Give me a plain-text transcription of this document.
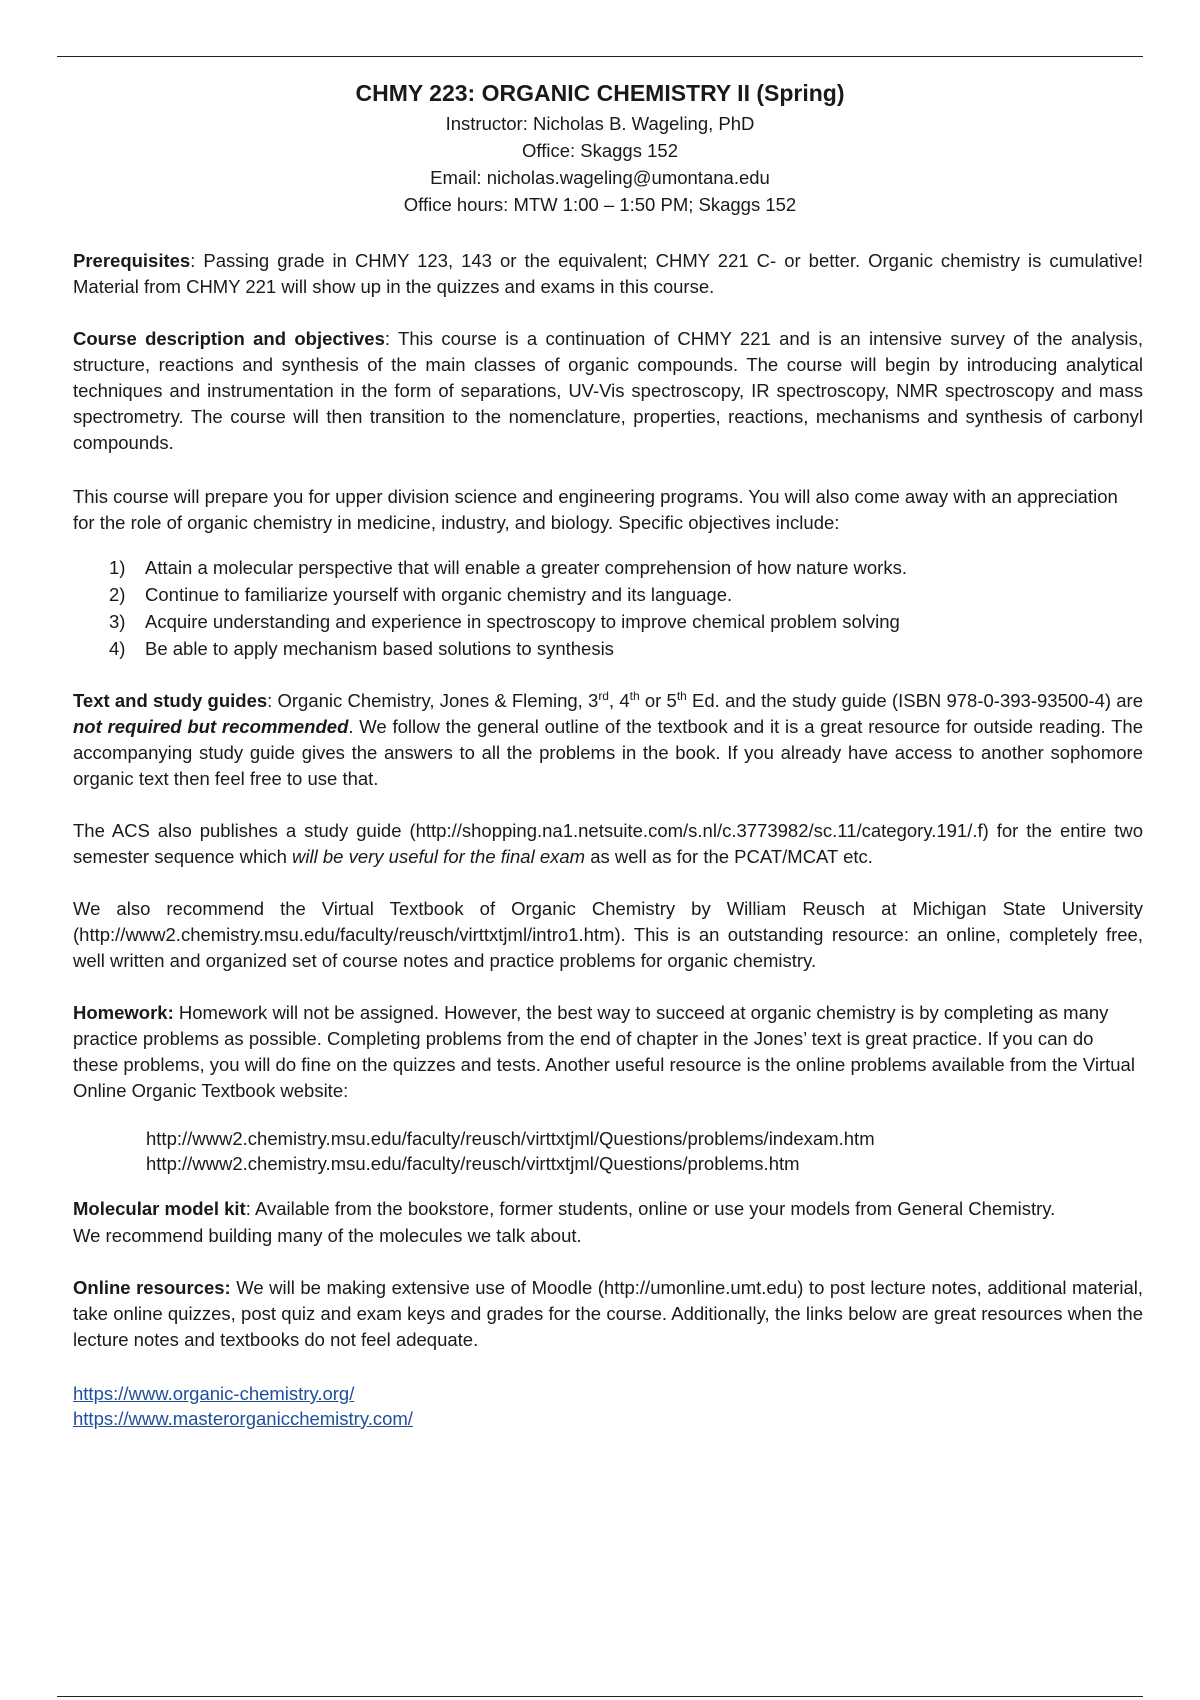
CHMY 223: ORGANIC CHEMISTRY II (Spring)
Instructor: Nicholas B. Wageling, PhD
Office: Skaggs 152
Email: nicholas.wageling@umontana.edu
Office hours: MTW 1:00 – 1:50 PM; Skaggs 152

Prerequisites: Passing grade in CHMY 123, 143 or the equivalent; CHMY 221 C- or better. Organic chemistry is cumulative! Material from CHMY 221 will show up in the quizzes and exams in this course.

Course description and objectives: This course is a continuation of CHMY 221 and is an intensive survey of the analysis, structure, reactions and synthesis of the main classes of organic compounds. The course will begin by introducing analytical techniques and instrumentation in the form of separations, UV-Vis spectroscopy, IR spectroscopy, NMR spectroscopy and mass spectrometry. The course will then transition to the nomenclature, properties, reactions, mechanisms and synthesis of carbonyl compounds.

This course will prepare you for upper division science and engineering programs. You will also come away with an appreciation for the role of organic chemistry in medicine, industry, and biology. Specific objectives include:

1) Attain a molecular perspective that will enable a greater comprehension of how nature works.
2) Continue to familiarize yourself with organic chemistry and its language.
3) Acquire understanding and experience in spectroscopy to improve chemical problem solving
4) Be able to apply mechanism based solutions to synthesis

Text and study guides: Organic Chemistry, Jones & Fleming, 3rd, 4th or 5th Ed. and the study guide (ISBN 978-0-393-93500-4) are not required but recommended. We follow the general outline of the textbook and it is a great resource for outside reading. The accompanying study guide gives the answers to all the problems in the book. If you already have access to another sophomore organic text then feel free to use that.

The ACS also publishes a study guide (http://shopping.na1.netsuite.com/s.nl/c.3773982/sc.11/category.191/.f) for the entire two semester sequence which will be very useful for the final exam as well as for the PCAT/MCAT etc.

We also recommend the Virtual Textbook of Organic Chemistry by William Reusch at Michigan State University (http://www2.chemistry.msu.edu/faculty/reusch/virttxtjml/intro1.htm). This is an outstanding resource: an online, completely free, well written and organized set of course notes and practice problems for organic chemistry.

Homework: Homework will not be assigned. However, the best way to succeed at organic chemistry is by completing as many practice problems as possible. Completing problems from the end of chapter in the Jones’ text is great practice. If you can do these problems, you will do fine on the quizzes and tests. Another useful resource is the online problems available from the Virtual Online Organic Textbook website:

http://www2.chemistry.msu.edu/faculty/reusch/virttxtjml/Questions/problems/indexam.htm
http://www2.chemistry.msu.edu/faculty/reusch/virttxtjml/Questions/problems.htm

Molecular model kit: Available from the bookstore, former students, online or use your models from General Chemistry.

We recommend building many of the molecules we talk about.

Online resources: We will be making extensive use of Moodle (http://umonline.umt.edu) to post lecture notes, additional material, take online quizzes, post quiz and exam keys and grades for the course. Additionally, the links below are great resources when the lecture notes and textbooks do not feel adequate.

https://www.organic-chemistry.org/
https://www.masterorganicchemistry.com/
